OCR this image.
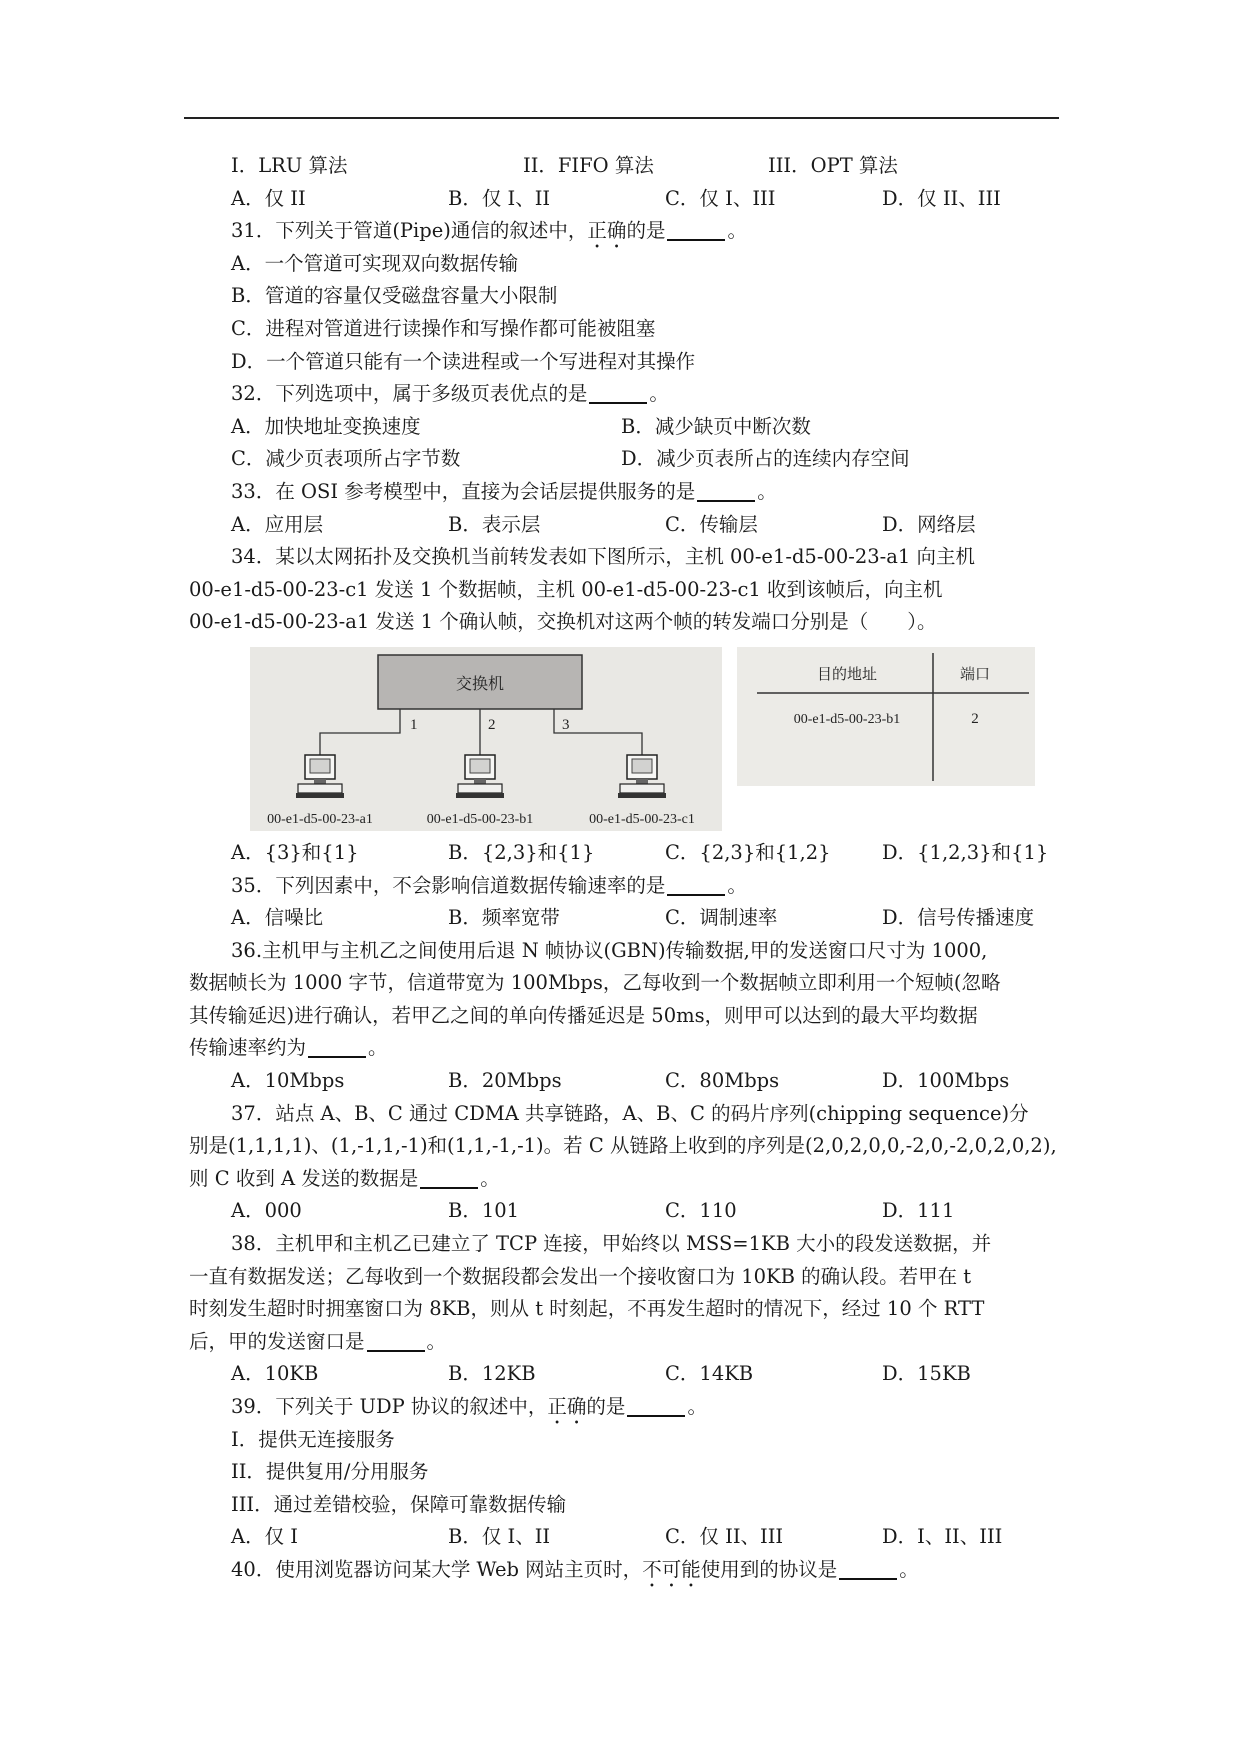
I．LRU 算法	II．FIFO 算法	III．OPT 算法
A．仅 II	B．仅 I、II	C．仅 I、III	D．仅 II、III
31．下列关于管道(Pipe)通信的叙述中，正确的是	。
A．一个管道可实现双向数据传输
B．管道的容量仅受磁盘容量大小限制
C．进程对管道进行读操作和写操作都可能被阻塞
D．一个管道只能有一个读进程或一个写进程对其操作
32．下列选项中，属于多级页表优点的是	。
A．加快地址变换速度	B．减少缺页中断次数
C．减少页表项所占字节数	D．减少页表所占的连续内存空间
33．在 OSI 参考模型中，直接为会话层提供服务的是	。
A．应用层	B．表示层	C．传输层	D．网络层
34．某以太网拓扑及交换机当前转发表如下图所示，主机 00-e1-d5-00-23-a1 向主机
00-e1-d5-00-23-c1 发送 1 个数据帧，主机 00-e1-d5-00-23-c1 收到该帧后，向主机
00-e1-d5-00-23-a1 发送 1 个确认帧，交换机对这两个帧的转发端口分别是（　　）。
交换机
1	2	3
00-e1-d5-00-23-a1	00-e1-d5-00-23-b1	00-e1-d5-00-23-c1
目的地址	端口
00-e1-d5-00-23-b1	2
A．{3}和{1}	B．{2,3}和{1}	C．{2,3}和{1,2}	D．{1,2,3}和{1}
35．下列因素中，不会影响信道数据传输速率的是	。
A．信噪比	B．频率宽带	C．调制速率	D．信号传播速度
36.主机甲与主机乙之间使用后退 N 帧协议(GBN)传输数据,甲的发送窗口尺寸为 1000,
数据帧长为 1000 字节，信道带宽为 100Mbps，乙每收到一个数据帧立即利用一个短帧(忽略
其传输延迟)进行确认，若甲乙之间的单向传播延迟是 50ms，则甲可以达到的最大平均数据
传输速率约为	。
A．10Mbps	B．20Mbps	C．80Mbps	D．100Mbps
37．站点 A、B、C 通过 CDMA 共享链路，A、B、C 的码片序列(chipping sequence)分
别是(1,1,1,1)、(1,-1,1,-1)和(1,1,-1,-1)。若 C 从链路上收到的序列是(2,0,2,0,0,-2,0,-2,0,2,0,2),
则 C 收到 A 发送的数据是	。
A．000	B．101	C．110	D．111
38．主机甲和主机乙已建立了 TCP 连接，甲始终以 MSS=1KB 大小的段发送数据，并
一直有数据发送；乙每收到一个数据段都会发出一个接收窗口为 10KB 的确认段。若甲在 t
时刻发生超时时拥塞窗口为 8KB，则从 t 时刻起，不再发生超时的情况下，经过 10 个 RTT
后，甲的发送窗口是	。
A．10KB	B．12KB	C．14KB	D．15KB
39．下列关于 UDP 协议的叙述中，正确的是	。
I．提供无连接服务
II．提供复用/分用服务
III．通过差错校验，保障可靠数据传输
A．仅 I	B．仅 I、II	C．仅 II、III	D．I、II、III
40．使用浏览器访问某大学 Web 网站主页时，不可能使用到的协议是	。
